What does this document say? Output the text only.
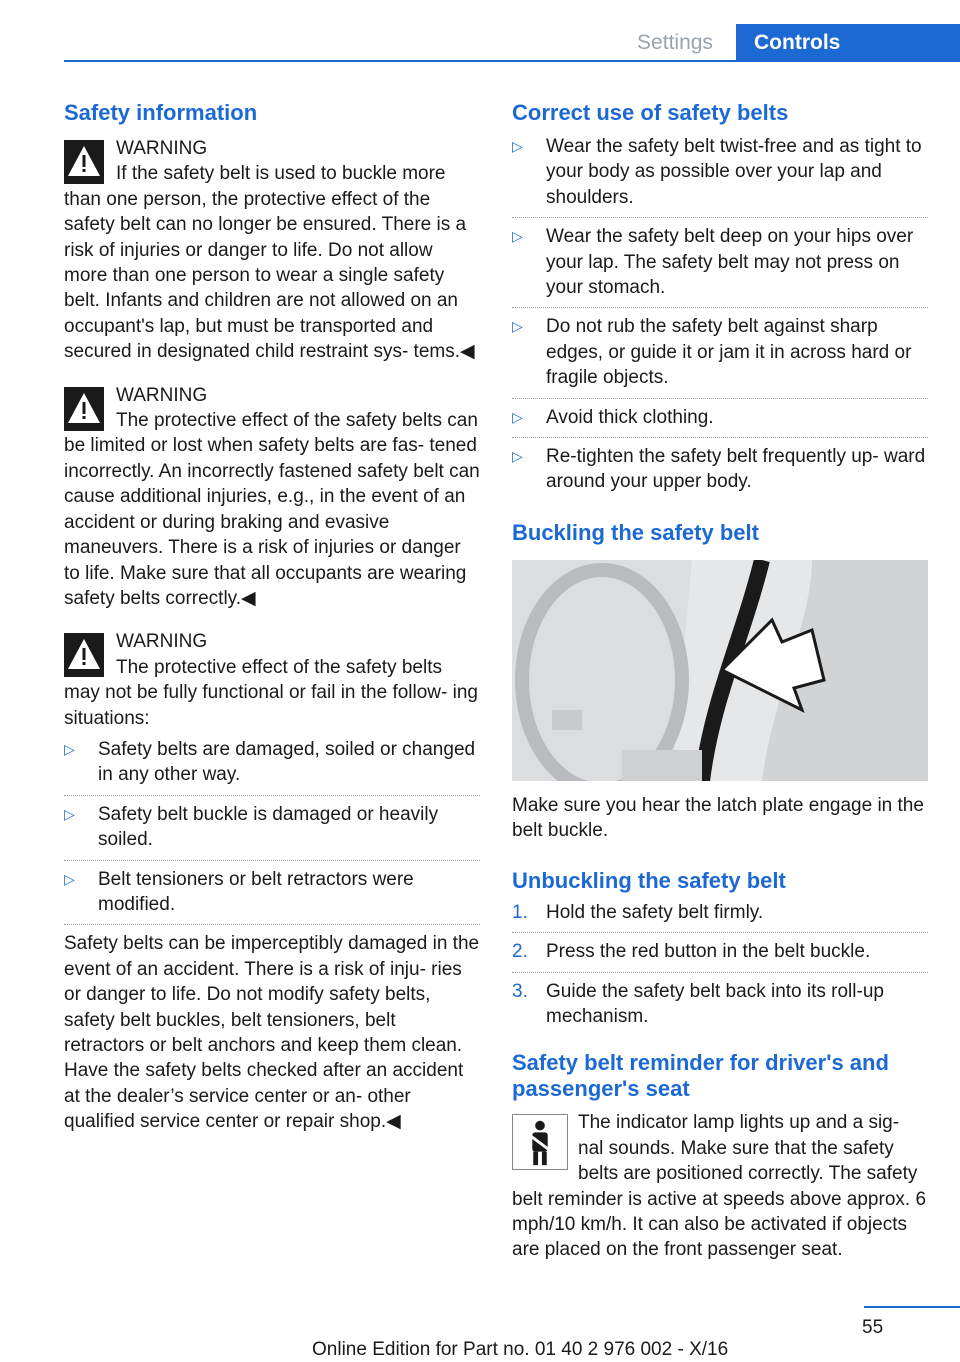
Settings	Controls
Safety information

WARNING
If the safety belt is used to buckle more than one person, the protective effect of the safety belt can no longer be ensured. There is a risk of injuries or danger to life. Do not allow more than one person to wear a single safety belt. Infants and children are not allowed on an occupant's lap, but must be transported and secured in designated child restraint sys‐ tems.◀

WARNING
The protective effect of the safety belts can be limited or lost when safety belts are fas‐ tened incorrectly. An incorrectly fastened safety belt can cause additional injuries, e.g., in the event of an accident or during braking and evasive maneuvers. There is a risk of injuries or danger to life. Make sure that all occupants are wearing safety belts correctly.◀

WARNING
The protective effect of the safety belts may not be fully functional or fail in the follow‐ ing situations:

▷ Safety belts are damaged, soiled or changed in any other way.
▷ Safety belt buckle is damaged or heavily soiled.
▷ Belt tensioners or belt retractors were modified.

Safety belts can be imperceptibly damaged in the event of an accident. There is a risk of inju‐ ries or danger to life. Do not modify safety belts, safety belt buckles, belt tensioners, belt retractors or belt anchors and keep them clean. Have the safety belts checked after an accident at the dealer’s service center or an‐ other qualified service center or repair shop.◀

Correct use of safety belts
▷ Wear the safety belt twist-free and as tight to your body as possible over your lap and shoulders.
▷ Wear the safety belt deep on your hips over your lap. The safety belt may not press on your stomach.
▷ Do not rub the safety belt against sharp edges, or guide it or jam it in across hard or fragile objects.
▷ Avoid thick clothing.
▷ Re-tighten the safety belt frequently up‐ ward around your upper body.
Buckling the safety belt

Make sure you hear the latch plate engage in the belt buckle.

Unbuckling the safety belt
1. Hold the safety belt firmly.
2. Press the red button in the belt buckle.
3. Guide the safety belt back into its roll-up mechanism.
Safety belt reminder for driver's and passenger's seat

The indicator lamp lights up and a sig‐ nal sounds. Make sure that the safety belts are positioned correctly. The safety belt reminder is active at speeds above approx. 6 mph/10 km/h. It can also be activated if objects are placed on the front passenger seat.

55
Online Edition for Part no. 01 40 2 976 002 - X/16
